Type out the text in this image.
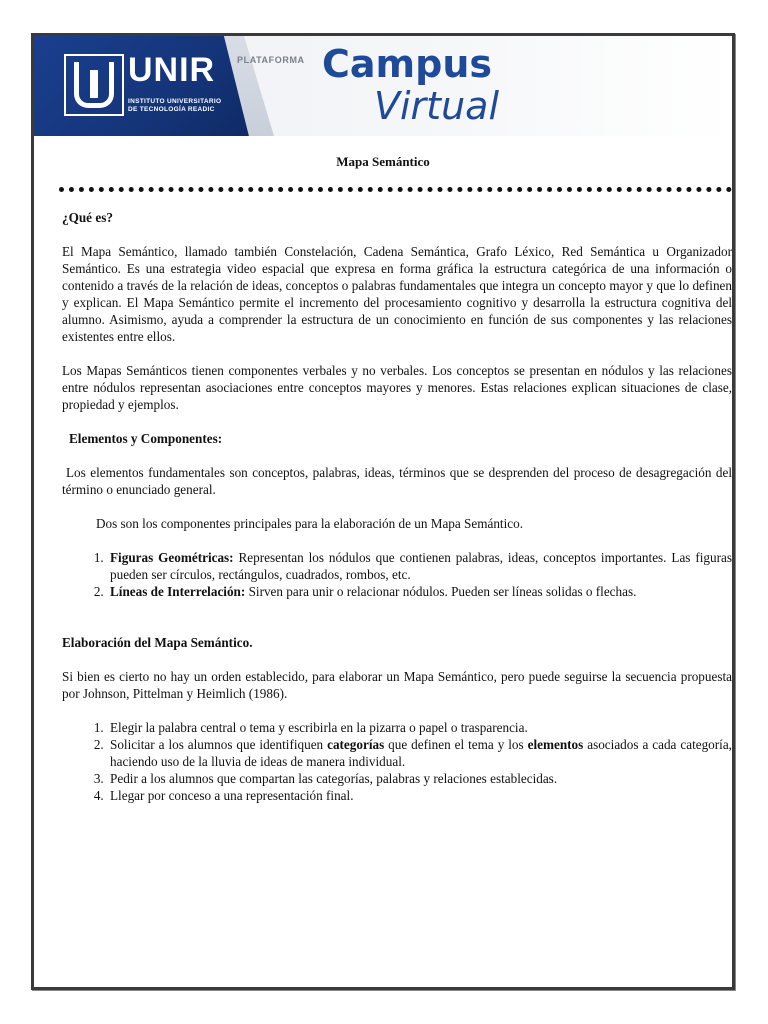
UNIR
INSTITUTO UNIVERSITARIO
DE TECNOLOGÍA READIC
PLATAFORMA Campus
Virtual
Mapa Semántico
¿Qué es?

El Mapa Semántico, llamado también Constelación, Cadena Semántica, Grafo Léxico, Red Semántica u Organizador Semántico. Es una estrategia video espacial que expresa en forma gráfica la estructura categórica de una información o contenido a través de la relación de ideas, conceptos o palabras fundamentales que integra un concepto mayor y que lo definen y explican. El Mapa Semántico permite el incremento del procesamiento cognitivo y desarrolla la estructura cognitiva del alumno. Asimismo, ayuda a comprender la estructura de un conocimiento en función de sus componentes y las relaciones existentes entre ellos.

Los Mapas Semánticos tienen componentes verbales y no verbales. Los conceptos se presentan en nódulos y las relaciones entre nódulos representan asociaciones entre conceptos mayores y menores. Estas relaciones explican situaciones de clase, propiedad y ejemplos.

Elementos y Componentes:

Los elementos fundamentales son conceptos, palabras, ideas, términos que se desprenden del proceso de desagregación del término o enunciado general.

Dos son los componentes principales para la elaboración de un Mapa Semántico.

1. Figuras Geométricas: Representan los nódulos que contienen palabras, ideas, conceptos importantes. Las figuras pueden ser círculos, rectángulos, cuadrados, rombos, etc.
2. Líneas de Interrelación: Sirven para unir o relacionar nódulos. Pueden ser líneas solidas o flechas.
Elaboración del Mapa Semántico.

Si bien es cierto no hay un orden establecido, para elaborar un Mapa Semántico, pero puede seguirse la secuencia propuesta por Johnson, Pittelman y Heimlich (1986).

1. Elegir la palabra central o tema y escribirla en la pizarra o papel o trasparencia.
2. Solicitar a los alumnos que identifiquen categorías que definen el tema y los elementos asociados a cada categoría, haciendo uso de la lluvia de ideas de manera individual.
3. Pedir a los alumnos que compartan las categorías, palabras y relaciones establecidas.
4. Llegar por conceso a una representación final.
